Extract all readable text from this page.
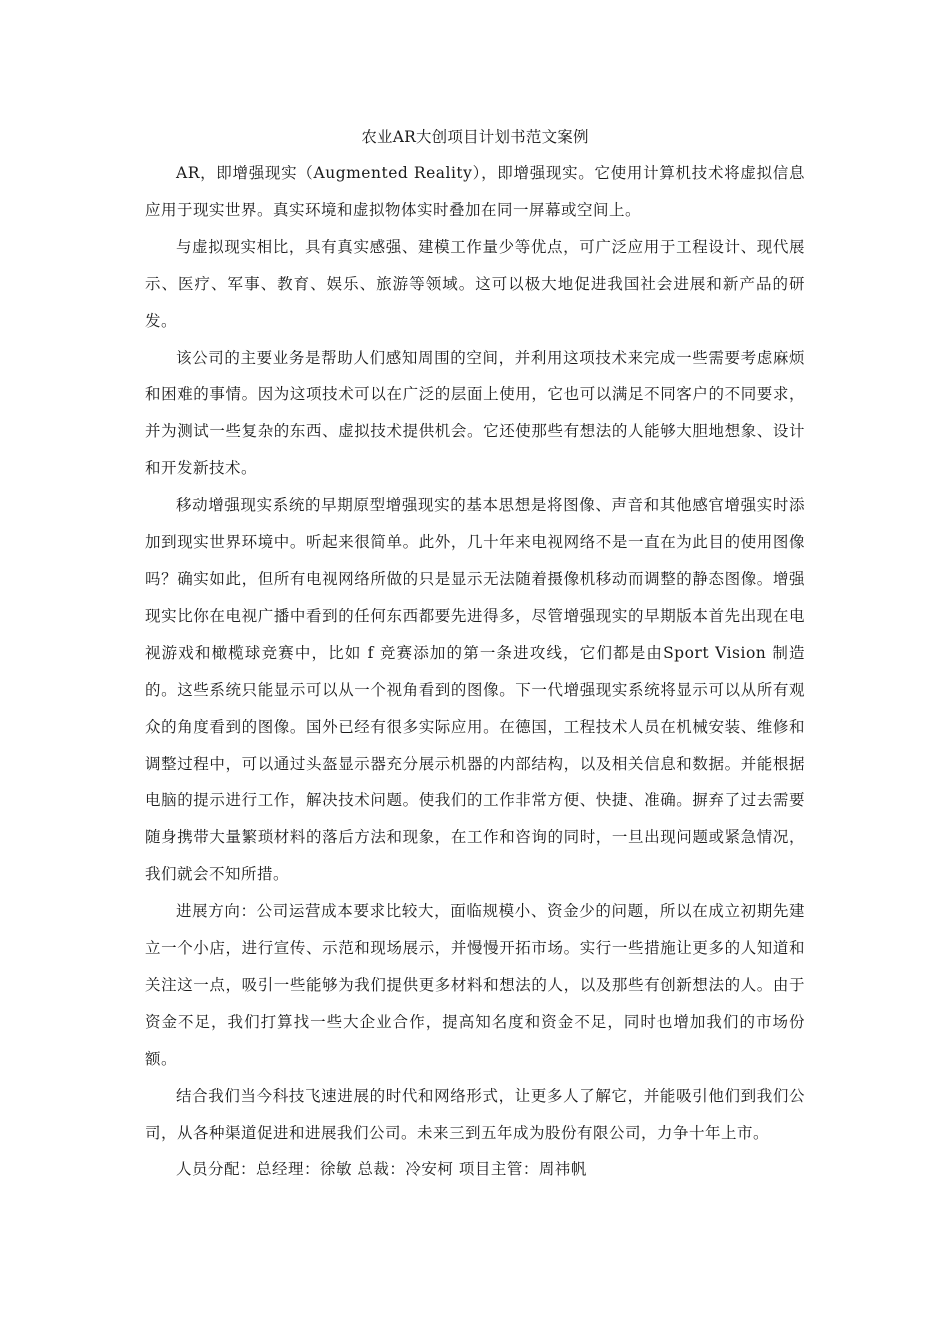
农业AR大创项目计划书范文案例

AR，即增强现实（Augmented Reality），即增强现实。它使用计算机技术将虚拟信息应用于现实世界。真实环境和虚拟物体实时叠加在同一屏幕或空间上。

与虚拟现实相比，具有真实感强、建模工作量少等优点，可广泛应用于工程设计、现代展示、医疗、军事、教育、娱乐、旅游等领域。这可以极大地促进我国社会进展和新产品的研发。

该公司的主要业务是帮助人们感知周围的空间，并利用这项技术来完成一些需要考虑麻烦和困难的事情。因为这项技术可以在广泛的层面上使用，它也可以满足不同客户的不同要求，并为测试一些复杂的东西、虚拟技术提供机会。它还使那些有想法的人能够大胆地想象、设计和开发新技术。

移动增强现实系统的早期原型增强现实的基本思想是将图像、声音和其他感官增强实时添加到现实世界环境中。听起来很简单。此外，几十年来电视网络不是一直在为此目的使用图像吗？确实如此，但所有电视网络所做的只是显示无法随着摄像机移动而调整的静态图像。增强现实比你在电视广播中看到的任何东西都要先进得多，尽管增强现实的早期版本首先出现在电视游戏和橄榄球竞赛中，比如 f 竞赛添加的第一条进攻线，它们都是由Sport Vision 制造的。这些系统只能显示可以从一个视角看到的图像。下一代增强现实系统将显示可以从所有观众的角度看到的图像。国外已经有很多实际应用。在德国，工程技术人员在机械安装、维修和调整过程中，可以通过头盔显示器充分展示机器的内部结构，以及相关信息和数据。并能根据电脑的提示进行工作，解决技术问题。使我们的工作非常方便、快捷、准确。摒弃了过去需要随身携带大量繁琐材料的落后方法和现象，在工作和咨询的同时，一旦出现问题或紧急情况，我们就会不知所措。

进展方向：公司运营成本要求比较大，面临规模小、资金少的问题，所以在成立初期先建立一个小店，进行宣传、示范和现场展示，并慢慢开拓市场。实行一些措施让更多的人知道和关注这一点，吸引一些能够为我们提供更多材料和想法的人，以及那些有创新想法的人。由于资金不足，我们打算找一些大企业合作，提高知名度和资金不足，同时也增加我们的市场份额。

结合我们当今科技飞速进展的时代和网络形式，让更多人了解它，并能吸引他们到我们公司，从各种渠道促进和进展我们公司。未来三到五年成为股份有限公司，力争十年上市。

人员分配：总经理：徐敏 总裁：冷安柯 项目主管：周祎帆
